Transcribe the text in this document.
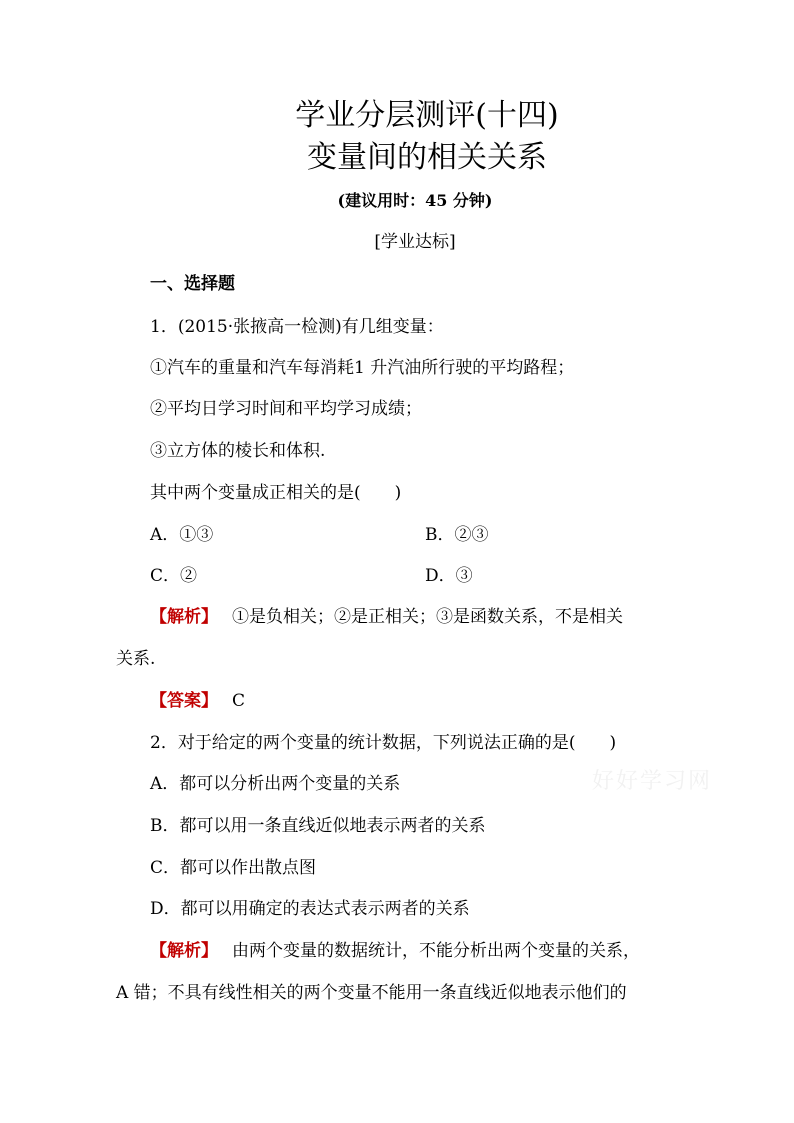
学业分层测评(十四)
变量间的相关关系
(建议用时：45 分钟)
[学业达标]
一、选择题
1．(2015·张掖高一检测)有几组变量：
①汽车的重量和汽车每消耗1 升汽油所行驶的平均路程；
②平均日学习时间和平均学习成绩；
③立方体的棱长和体积.
其中两个变量成正相关的是(　　)
A．①③	B．②③
C．②	D．③
【解析】 ①是负相关；②是正相关；③是函数关系，不是相关
关系.
【答案】 C
2．对于给定的两个变量的统计数据，下列说法正确的是(　　)
A．都可以分析出两个变量的关系
B．都可以用一条直线近似地表示两者的关系
C．都可以作出散点图
D．都可以用确定的表达式表示两者的关系
【解析】 由两个变量的数据统计，不能分析出两个变量的关系，
A 错；不具有线性相关的两个变量不能用一条直线近似地表示他们的
好好学习网
